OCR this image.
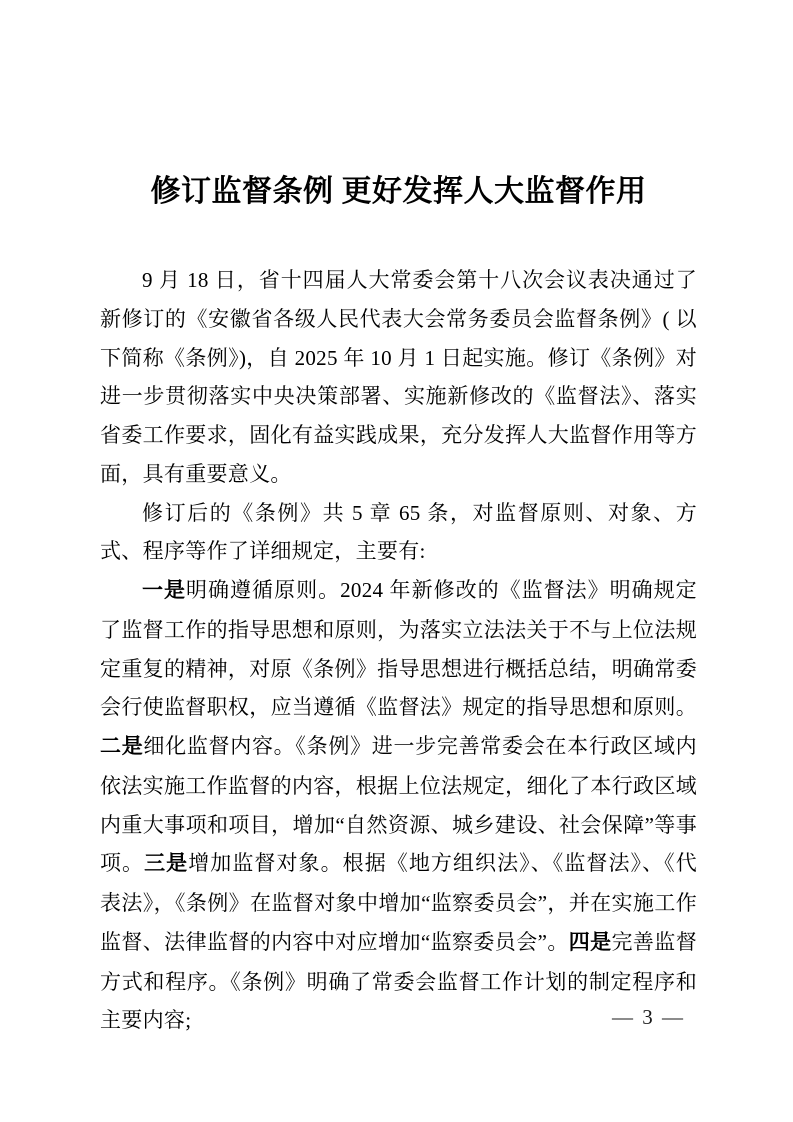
修订监督条例 更好发挥人大监督作用

9 月 18 日，省十四届人大常委会第十八次会议表决通过了新修订的《安徽省各级人民代表大会常务委员会监督条例》( 以下简称《条例》)，自 2025 年 10 月 1 日起实施。修订《条例》对进一步贯彻落实中央决策部署、实施新修改的《监督法》、落实省委工作要求，固化有益实践成果，充分发挥人大监督作用等方面，具有重要意义。

修订后的《条例》共 5 章 65 条，对监督原则、对象、方式、程序等作了详细规定，主要有:

一是明确遵循原则。2024 年新修改的《监督法》明确规定了监督工作的指导思想和原则，为落实立法法关于不与上位法规定重复的精神，对原《条例》指导思想进行概括总结，明确常委会行使监督职权，应当遵循《监督法》规定的指导思想和原则。二是细化监督内容。《条例》进一步完善常委会在本行政区域内依法实施工作监督的内容，根据上位法规定，细化了本行政区域内重大事项和项目，增加“自然资源、城乡建设、社会保障”等事项。三是增加监督对象。根据《地方组织法》、《监督法》、《代表法》，《条例》在监督对象中增加“监察委员会”，并在实施工作监督、法律监督的内容中对应增加“监察委员会”。四是完善监督方式和程序。《条例》明确了常委会监督工作计划的制定程序和主要内容;	— 3 —
